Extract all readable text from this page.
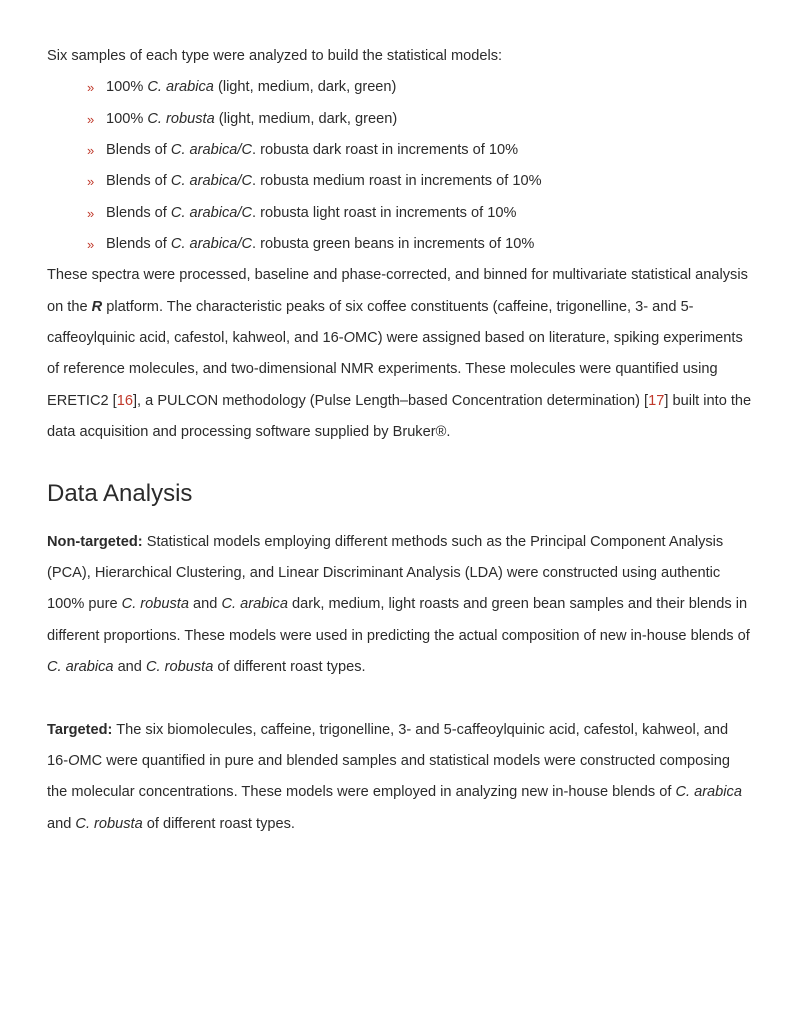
Six samples of each type were analyzed to build the statistical models:

» 100% C. arabica (light, medium, dark, green)
» 100% C. robusta (light, medium, dark, green)
» Blends of C. arabica/C. robusta dark roast in increments of 10%
» Blends of C. arabica/C. robusta medium roast in increments of 10%
» Blends of C. arabica/C. robusta light roast in increments of 10%
» Blends of C. arabica/C. robusta green beans in increments of 10%

These spectra were processed, baseline and phase-corrected, and binned for multivariate statistical analysis on the R platform. The characteristic peaks of six coffee constituents (caffeine, trigonelline, 3- and 5-caffeoylquinic acid, cafestol, kahweol, and 16-OMC) were assigned based on literature, spiking experiments of reference molecules, and two-dimensional NMR experiments. These molecules were quantified using ERETIC2 [16], a PULCON methodology (Pulse Length–based Concentration determination) [17] built into the data acquisition and processing software supplied by Bruker®.

Data Analysis

Non-targeted: Statistical models employing different methods such as the Principal Component Analysis (PCA), Hierarchical Clustering, and Linear Discriminant Analysis (LDA) were constructed using authentic 100% pure C. robusta and C. arabica dark, medium, light roasts and green bean samples and their blends in different proportions. These models were used in predicting the actual composition of new in-house blends of C. arabica and C. robusta of different roast types.

Targeted: The six biomolecules, caffeine, trigonelline, 3- and 5-caffeoylquinic acid, cafestol, kahweol, and 16-OMC were quantified in pure and blended samples and statistical models were constructed composing the molecular concentrations. These models were employed in analyzing new in-house blends of C. arabica and C. robusta of different roast types.
